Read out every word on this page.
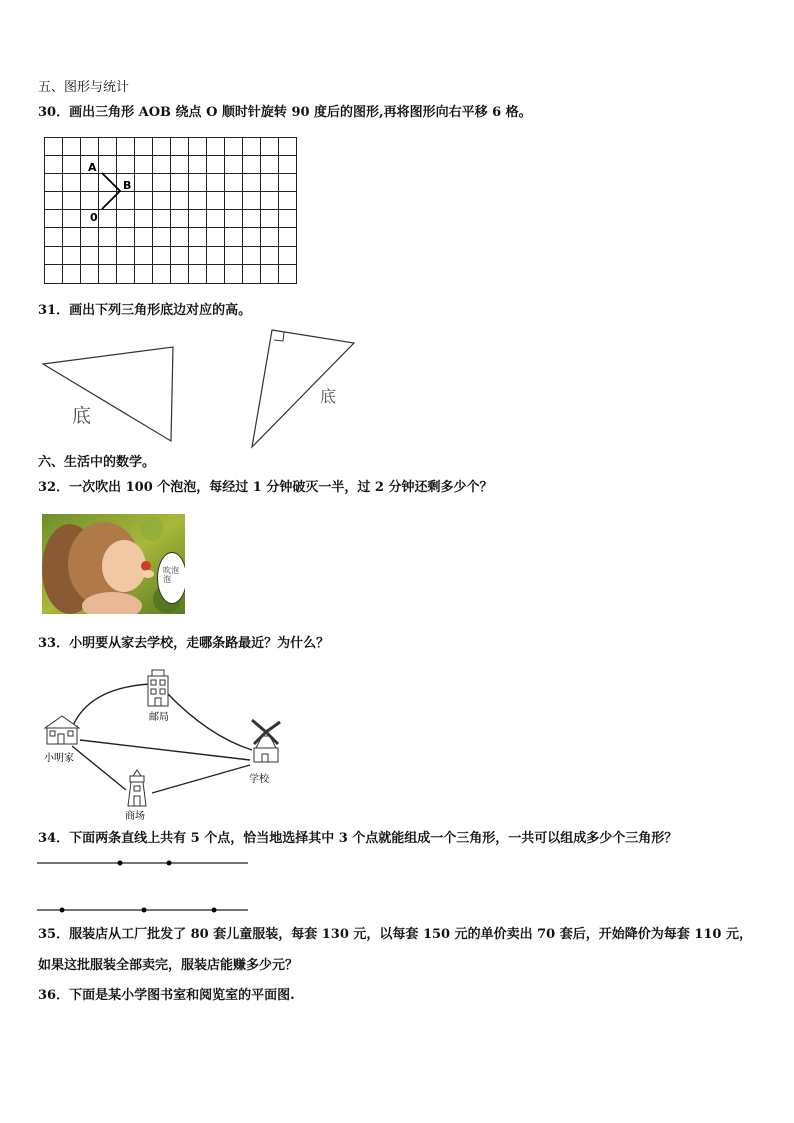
五、图形与统计

30．画出三角形 AOB 绕点 O 顺时针旋转 90 度后的图形,再将图形向右平移 6 格。

A
B
0

31．画出下列三角形底边对应的高。

底
底

六、生活中的数学。

32．一次吹出 100 个泡泡，每经过 1 分钟破灭一半，过 2 分钟还剩多少个？

吹泡泡

33．小明要从家去学校，走哪条路最近？为什么？

小明家
邮局
学校
商场

34．下面两条直线上共有 5 个点，恰当地选择其中 3 个点就能组成一个三角形，一共可以组成多少个三角形？

35．服装店从工厂批发了 80 套儿童服装，每套 130 元，以每套 150 元的单价卖出 70 套后，开始降价为每套 110 元，

如果这批服装全部卖完，服装店能赚多少元？

36．下面是某小学图书室和阅览室的平面图.
